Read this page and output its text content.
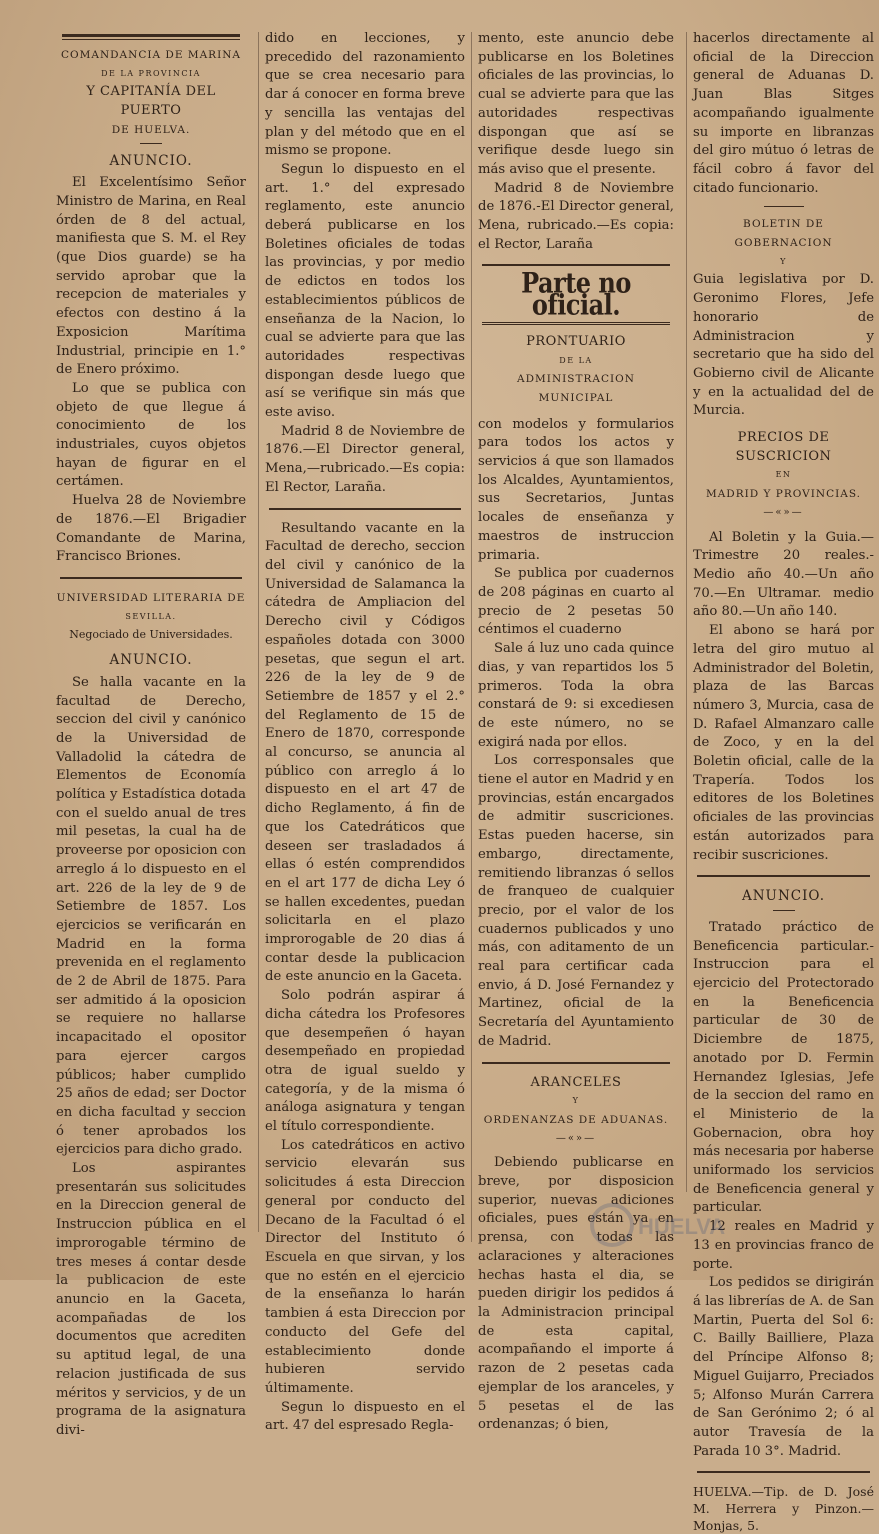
COMANDANCIA DE MARINA
DE LA PROVINCIA
Y CAPITANÍA DEL PUERTO
DE HUELVA.
ANUNCIO.

El Excelentísimo Señor Ministro de Marina, en Real órden de 8 del actual, manifiesta que S. M. el Rey (que Dios guarde) se ha servido aprobar que la recepcion de materiales y efectos con destino á la Exposicion Marítima Industrial, principie en 1.° de Enero próximo.

Lo que se publica con objeto de que llegue á conocimiento de los industriales, cuyos objetos hayan de figurar en el certámen.

Huelva 28 de Noviembre de 1876.—El Brigadier Comandante de Marina, Francisco Briones.

UNIVERSIDAD LITERARIA DE
SEVILLA.
Negociado de Universidades.
ANUNCIO.

Se halla vacante en la facultad de Derecho, seccion del civil y canónico de la Universidad de Valladolid la cátedra de Elementos de Economía política y Estadística dotada con el sueldo anual de tres mil pesetas, la cual ha de proveerse por oposicion con arreglo á lo dispuesto en el art. 226 de la ley de 9 de Setiembre de 1857. Los ejercicios se verificarán en Madrid en la forma prevenida en el reglamento de 2 de Abril de 1875. Para ser admitido á la oposicion se requiere no hallarse incapacitado el opositor para ejercer cargos públicos; haber cumplido 25 años de edad; ser Doctor en dicha facultad y seccion ó tener aprobados los ejercicios para dicho grado.

Los aspirantes presentarán sus solicitudes en la Direccion general de Instruccion pública en el improrogable término de tres meses á contar desde la publicacion de este anuncio en la Gaceta, acompañadas de los documentos que acrediten su aptitud legal, de una relacion justificada de sus méritos y servicios, y de un programa de la asignatura divi-

dido en lecciones, y precedido del razonamiento que se crea necesario para dar á conocer en forma breve y sencilla las ventajas del plan y del método que en el mismo se propone.

Segun lo dispuesto en el art. 1.° del expresado reglamento, este anuncio deberá publicarse en los Boletines oficiales de todas las provincias, y por medio de edictos en todos los establecimientos públicos de enseñanza de la Nacion, lo cual se advierte para que las autoridades respectivas dispongan desde luego que así se verifique sin más que este aviso.

Madrid 8 de Noviembre de 1876.—El Director general, Mena,—rubricado.—Es copia: El Rector, Laraña.

Resultando vacante en la Facultad de derecho, seccion del civil y canónico de la Universidad de Salamanca la cátedra de Ampliacion del Derecho civil y Códigos españoles dotada con 3000 pesetas, que segun el art. 226 de la ley de 9 de Setiembre de 1857 y el 2.° del Reglamento de 15 de Enero de 1870, corresponde al concurso, se anuncia al público con arreglo á lo dispuesto en el art 47 de dicho Reglamento, á fin de que los Catedráticos que deseen ser trasladados á ellas ó estén comprendidos en el art 177 de dicha Ley ó se hallen excedentes, puedan solicitarla en el plazo improrogable de 20 dias á contar desde la publicacion de este anuncio en la Gaceta.

Solo podrán aspirar á dicha cátedra los Profesores que desempeñen ó hayan desempeñado en propiedad otra de igual sueldo y categoría, y de la misma ó análoga asignatura y tengan el título correspondiente.

Los catedráticos en activo servicio elevarán sus solicitudes á esta Direccion general por conducto del Decano de la Facultad ó el Director del Instituto ó Escuela en que sirvan, y los que no estén en el ejercicio de la enseñanza lo harán tambien á esta Direccion por conducto del Gefe del establecimiento donde hubieren servido últimamente.

Segun lo dispuesto en el art. 47 del espresado Regla-

mento, este anuncio debe publicarse en los Boletines oficiales de las provincias, lo cual se advierte para que las autoridades respectivas dispongan que así se verifique desde luego sin más aviso que el presente.

Madrid 8 de Noviembre de 1876.-El Director general, Mena, rubricado.—Es copia: el Rector, Laraña

Parte no oficial.
PRONTUARIO
DE LA
ADMINISTRACION MUNICIPAL

con modelos y formularios para todos los actos y servicios á que son llamados los Alcaldes, Ayuntamientos, sus Secretarios, Juntas locales de enseñanza y maestros de instruccion primaria.

Se publica por cuadernos de 208 páginas en cuarto al precio de 2 pesetas 50 céntimos el cuaderno

Sale á luz uno cada quince dias, y van repartidos los 5 primeros. Toda la obra constará de 9: si excediesen de este número, no se exigirá nada por ellos.

Los corresponsales que tiene el autor en Madrid y en provincias, están encargados de admitir suscriciones. Estas pueden hacerse, sin embargo, directamente, remitiendo libranzas ó sellos de franqueo de cualquier precio, por el valor de los cuadernos publicados y uno más, con aditamento de un real para certificar cada envio, á D. José Fernandez y Martinez, oficial de la Secretaría del Ayuntamiento de Madrid.

ARANCELES
Y
ORDENANZAS DE ADUANAS.
—«»—

Debiendo publicarse en breve, por disposicion superior, nuevas adiciones oficiales, pues están ya en prensa, con todas las aclaraciones y alteraciones hechas hasta el dia, se pueden dirigir los pedidos á la Administracion principal de esta capital, acompañando el importe á razon de 2 pesetas cada ejemplar de los aranceles, y 5 pesetas el de las ordenanzas; ó bien,

hacerlos directamente al oficial de la Direccion general de Aduanas D. Juan Blas Sitges acompañando igualmente su importe en libranzas del giro mútuo ó letras de fácil cobro á favor del citado funcionario.

BOLETIN DE GOBERNACION
Y

Guia legislativa por D. Geronimo Flores, Jefe honorario de Administracion y secretario que ha sido del Gobierno civil de Alicante y en la actualidad del de Murcia.

PRECIOS DE SUSCRICION
EN
MADRID Y PROVINCIAS.
—«»—

Al Boletin y la Guia.—Trimestre 20 reales.-Medio año 40.—Un año 70.—En Ultramar. medio año 80.—Un año 140.

El abono se hará por letra del giro mutuo al Administrador del Boletin, plaza de las Barcas número 3, Murcia, casa de D. Rafael Almanzaro calle de Zoco, y en la del Boletin oficial, calle de la Trapería. Todos los editores de los Boletines oficiales de las provincias están autorizados para recibir suscriciones.

ANUNCIO.

Tratado práctico de Beneficencia particular.-Instruccion para el ejercicio del Protectorado en la Beneficencia particular de 30 de Diciembre de 1875, anotado por D. Fermin Hernandez Iglesias, Jefe de la seccion del ramo en el Ministerio de la Gobernacion, obra hoy más necesaria por haberse uniformado los servicios de Beneficencia general y particular.

12 reales en Madrid y 13 en provincias franco de porte.

Los pedidos se dirigirán á las librerías de A. de San Martin, Puerta del Sol 6: C. Bailly Bailliere, Plaza del Príncipe Alfonso 8; Miguel Guijarro, Preciados 5; Alfonso Murán Carrera de San Gerónimo 2; ó al autor Travesía de la Parada 10 3°. Madrid.

HUELVA.—Tip. de D. José M. Herrera y Pinzon.—Monjas, 5.
HUELVA
